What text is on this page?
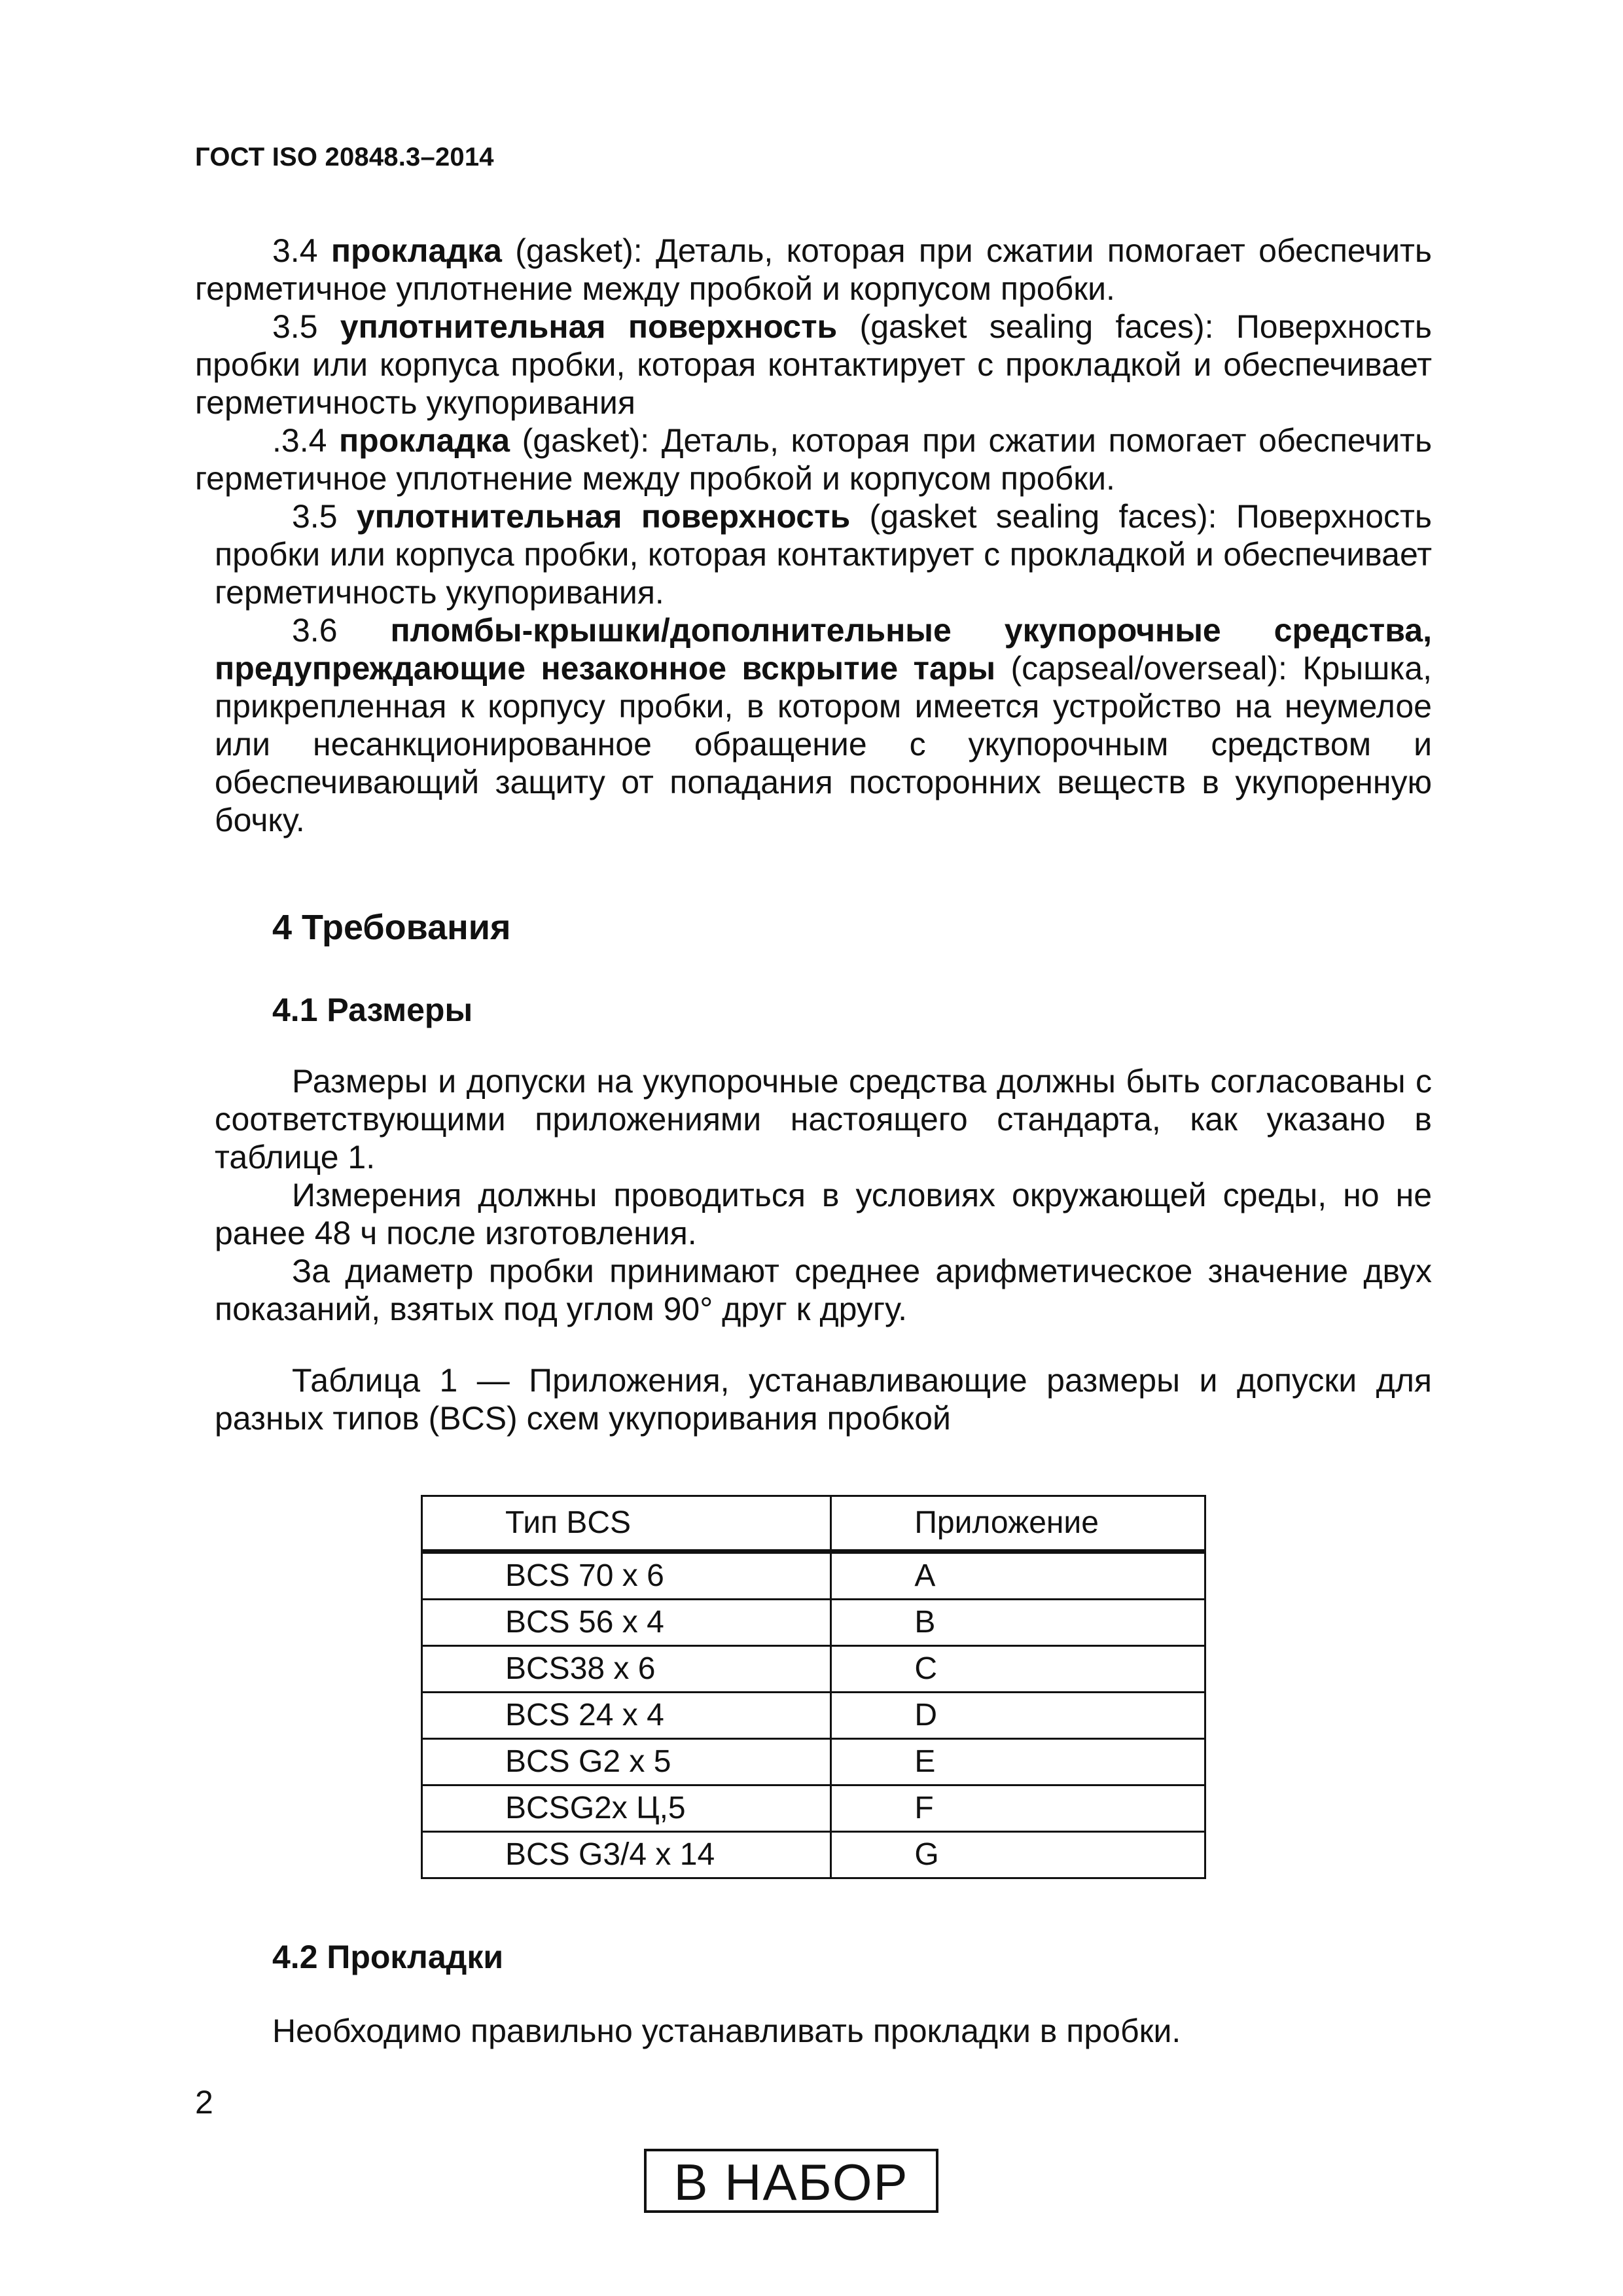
ГОСТ ISO 20848.3–2014

3.4 прокладка (gasket): Деталь, которая при сжатии помогает обеспечить герметичное уплотнение между пробкой и корпусом пробки.

3.5 уплотнительная поверхность (gasket sealing faces): Поверхность пробки или корпуса пробки, которая контактирует с прокладкой и обеспечивает герметичность укупоривания

.3.4 прокладка (gasket): Деталь, которая при сжатии помогает обеспечить герметичное уплотнение между пробкой и корпусом пробки.

3.5 уплотнительная поверхность (gasket sealing faces): Поверхность пробки или корпуса пробки, которая контактирует с прокладкой и обеспечивает герметичность укупоривания.

3.6 пломбы-крышки/дополнительные укупорочные средства, предупреждающие незаконное вскрытие тары (capseal/overseal): Крышка, прикрепленная к корпусу пробки, в котором имеется устройство на неумелое или несанкционированное обращение с укупорочным средством и обеспечивающий защиту от попадания посторонних веществ в укупоренную бочку.

4 Требования
4.1 Размеры

Размеры и допуски на укупорочные средства должны быть согласованы с соответствующими приложениями настоящего стандарта, как указано в таблице 1.

Измерения должны проводиться в условиях окружающей среды, но не ранее 48 ч после изготовления.

За диаметр пробки принимают среднее арифметическое значение двух показаний, взятых под углом 90° друг к другу.

Таблица 1 — Приложения, устанавливающие размеры и допуски для разных типов (BCS) схем укупоривания пробкой

Тип BCS	Приложение
BCS 70 x 6	A
BCS 56 x 4	B
BCS38 x 6	C
BCS 24 x 4	D
BCS G2 x 5	E
BCSG2x Ц,5	F
BCS G3/4 x 14	G
4.2 Прокладки
Необходимо правильно устанавливать прокладки в пробки.
2
В НАБОР
